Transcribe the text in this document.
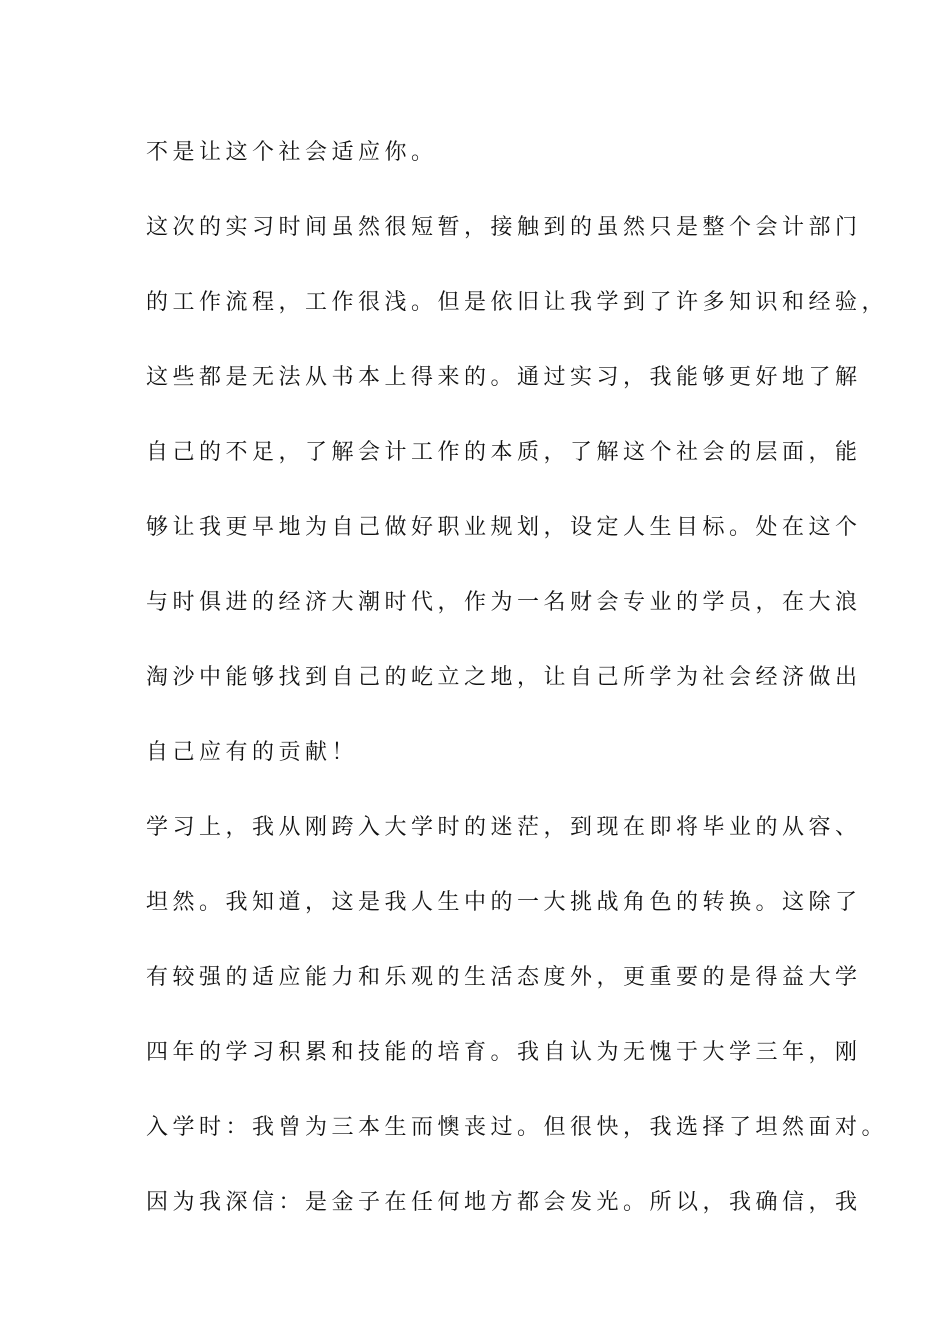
不是让这个社会适应你。
这次的实习时间虽然很短暂，接触到的虽然只是整个会计部门
的工作流程，工作很浅。但是依旧让我学到了许多知识和经验，
这些都是无法从书本上得来的。通过实习，我能够更好地了解
自己的不足，了解会计工作的本质，了解这个社会的层面，能
够让我更早地为自己做好职业规划，设定人生目标。处在这个
与时俱进的经济大潮时代，作为一名财会专业的学员，在大浪
淘沙中能够找到自己的屹立之地，让自己所学为社会经济做出
自己应有的贡献！
学习上，我从刚跨入大学时的迷茫，到现在即将毕业的从容、
坦然。我知道，这是我人生中的一大挑战角色的转换。这除了
有较强的适应能力和乐观的生活态度外，更重要的是得益大学
四年的学习积累和技能的培育。我自认为无愧于大学三年，刚
入学时：我曾为三本生而懊丧过。但很快，我选择了坦然面对。
因为我深信：是金子在任何地方都会发光。所以，我确信，我
